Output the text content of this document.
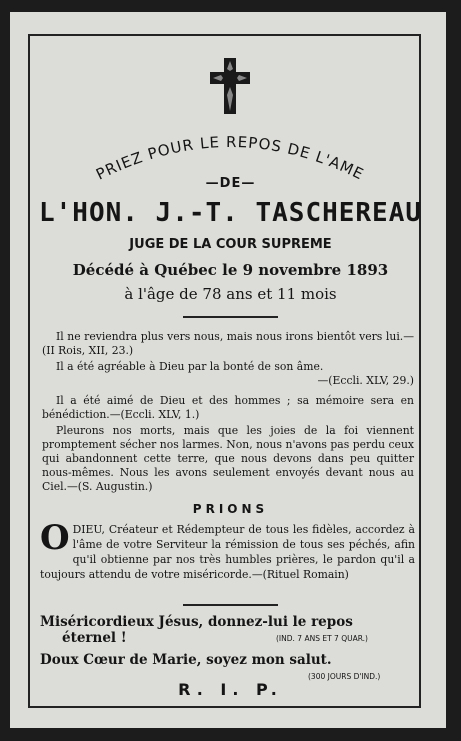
PRIEZ POUR LE REPOS DE L'AME
—DE—
L'HON. J.-T. TASCHEREAU
JUGE DE LA COUR SUPREME
Décédé à Québec le 9 novembre 1893
à l'âge de 78 ans et 11 mois
Il ne reviendra plus vers nous, mais nous irons bientôt vers lui.—(II Rois, XII, 23.)
Il a été agréable à Dieu par la bonté de son âme.
—(Eccli. XLV, 29.)
Il a été aimé de Dieu et des hommes ; sa mémoire sera en bénédiction.—(Eccli. XLV, 1.)
Pleurons nos morts, mais que les joies de la foi viennent promptement sécher nos larmes. Non, nous n'avons pas perdu ceux qui abandonnent cette terre, que nous devons dans peu quitter nous-mêmes. Nous les avons seulement envoyés devant nous au Ciel.—(S. Augustin.)
PRIONS
ODIEU, Créateur et Rédempteur de tous les fidèles, accordez à l'âme de votre Serviteur la rémission de tous ses péchés, afin qu'il obtienne par nos très humbles prières, le pardon qu'il a toujours attendu de votre miséricorde.—(Rituel Romain)
Miséricordieux Jésus, donnez-lui le repos
éternel !	(IND. 7 ANS ET 7 QUAR.)
Doux Cœur de Marie, soyez mon salut.
(300 JOURS D'IND.)
R. I. P.
